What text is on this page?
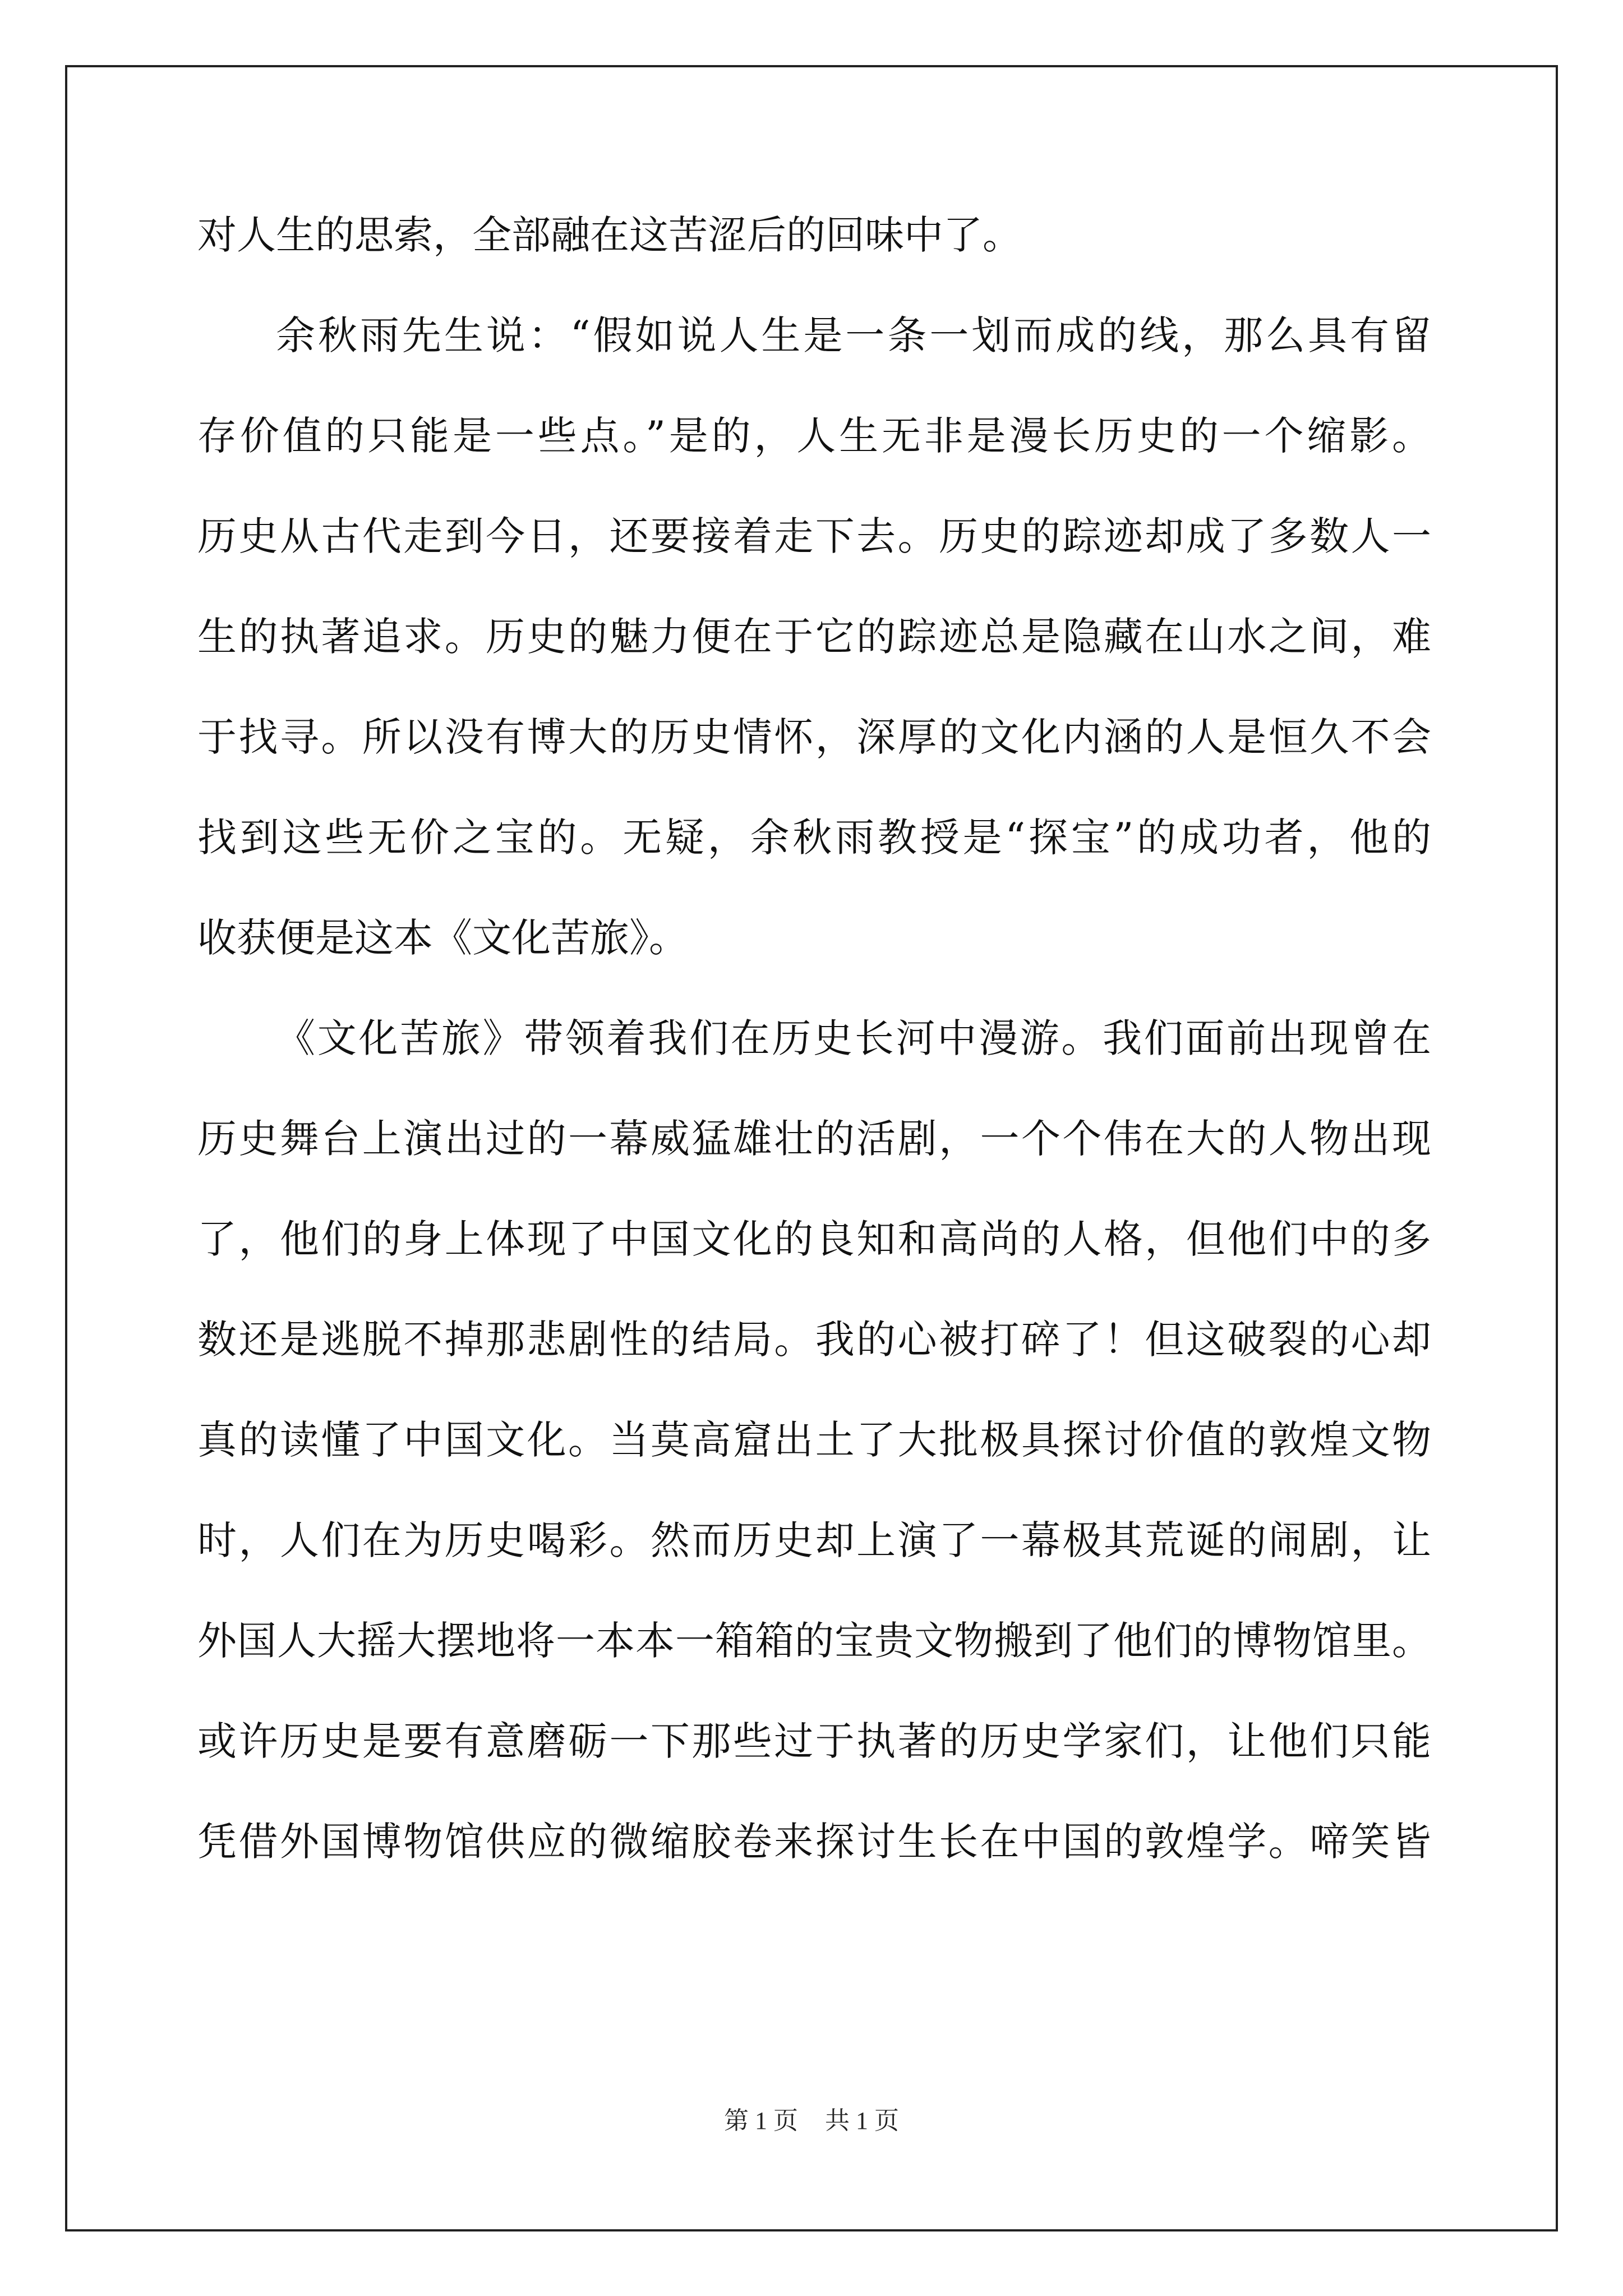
对人生的思索，全部融在这苦涩后的回味中了。
余秋雨先生说：“假如说人生是一条一划而成的线，那么具有留
存价值的只能是一些点。”是的，人生无非是漫长历史的一个缩影。
历史从古代走到今日，还要接着走下去。历史的踪迹却成了多数人一
生的执著追求。历史的魅力便在于它的踪迹总是隐藏在山水之间，难
于找寻。所以没有博大的历史情怀，深厚的文化内涵的人是恒久不会
找到这些无价之宝的。无疑，余秋雨教授是“探宝”的成功者，他的
收获便是这本《文化苦旅》。
《文化苦旅》带领着我们在历史长河中漫游。我们面前出现曾在
历史舞台上演出过的一幕威猛雄壮的活剧，一个个伟在大的人物出现
了，他们的身上体现了中国文化的良知和高尚的人格，但他们中的多
数还是逃脱不掉那悲剧性的结局。我的心被打碎了！但这破裂的心却
真的读懂了中国文化。当莫高窟出土了大批极具探讨价值的敦煌文物
时，人们在为历史喝彩。然而历史却上演了一幕极其荒诞的闹剧，让
外国人大摇大摆地将一本本一箱箱的宝贵文物搬到了他们的博物馆里。
或许历史是要有意磨砺一下那些过于执著的历史学家们，让他们只能
凭借外国博物馆供应的微缩胶卷来探讨生长在中国的敦煌学。啼笑皆
第 1 页 共 1 页
